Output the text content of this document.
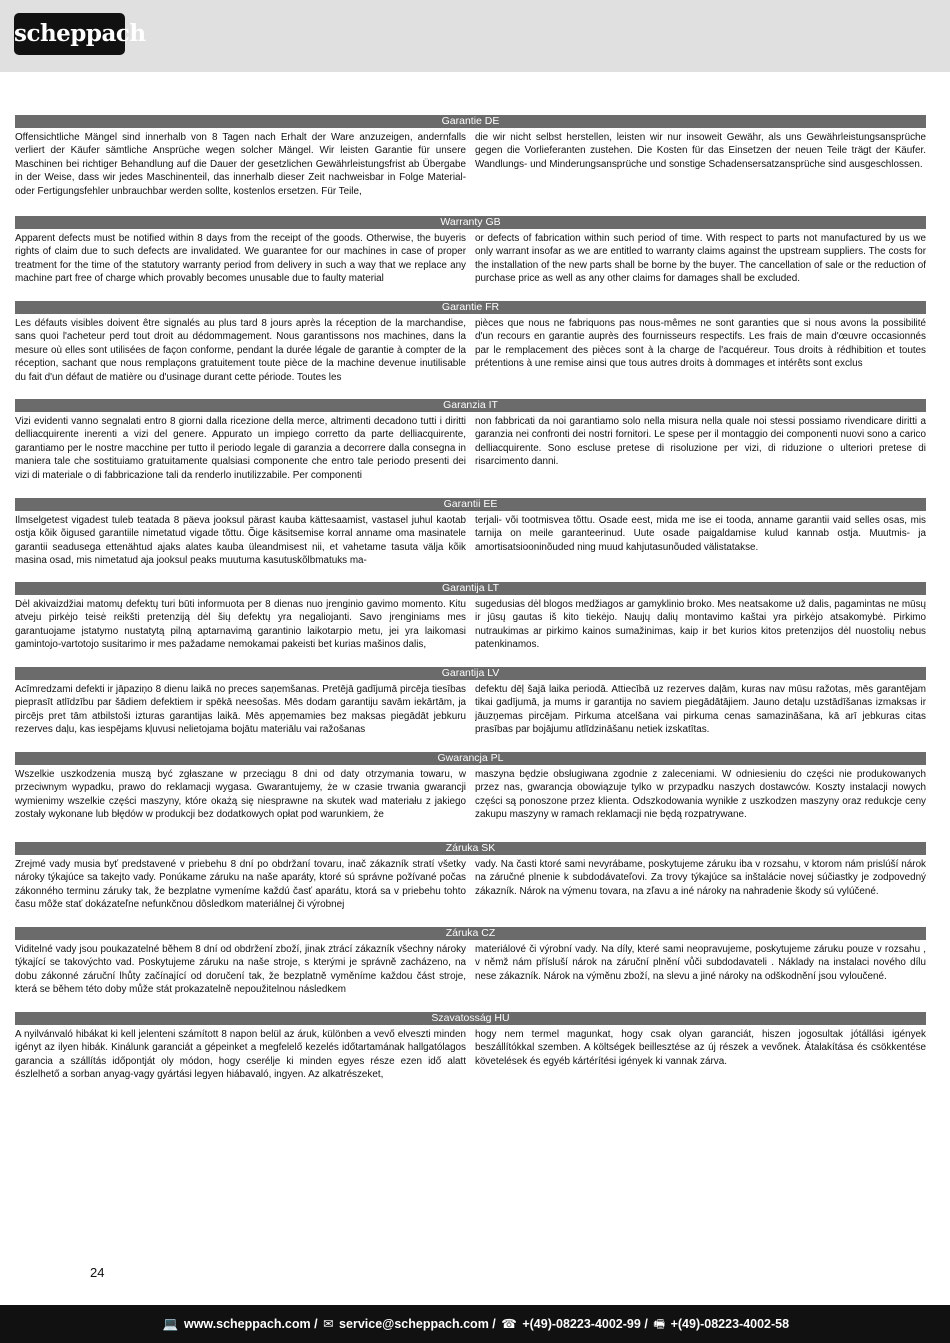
scheppach
Garantie DE
Offensichtliche Mängel sind innerhalb von 8 Tagen nach Erhalt der Ware anzuzeigen, andernfalls verliert der Käufer sämtliche Ansprüche wegen solcher Mängel. Wir leisten Garantie für unsere Maschinen bei richtiger Behandlung auf die Dauer der gesetzlichen Gewährleistungsfrist ab Übergabe in der Weise, dass wir jedes Maschinenteil, das innerhalb dieser Zeit nachweisbar in Folge Material- oder Fertigungsfehler unbrauchbar werden sollte, kostenlos ersetzen. Für Teile,
die wir nicht selbst herstellen, leisten wir nur insoweit Gewähr, als uns Gewährleistungsansprüche gegen die Vorlieferanten zustehen. Die Kosten für das Einsetzen der neuen Teile trägt der Käufer. Wandlungs- und Minderungsansprüche und sonstige Schadensersatzansprüche sind ausgeschlossen.
Warranty GB
Apparent defects must be notified within 8 days from the receipt of the goods. Otherwise, the buyeris rights of claim due to such defects are invalidated. We guarantee for our machines in case of proper treatment for the time of the statutory warranty period from delivery in such a way that we replace any machine part free of charge which provably becomes unusable due to faulty material
or defects of fabrication within such period of time. With respect to parts not manufactured by us we only warrant insofar as we are entitled to warranty claims against the upstream suppliers. The costs for the installation of the new parts shall be borne by the buyer. The cancellation of sale or the reduction of purchase price as well as any other claims for damages shall be excluded.
Garantie FR
Les défauts visibles doivent être signalés au plus tard 8 jours après la réception de la marchandise, sans quoi l'acheteur perd tout droit au dédommagement. Nous garantissons nos machines, dans la mesure où elles sont utilisées de façon conforme, pendant la durée légale de garantie à compter de la réception, sachant que nous remplaçons gratuitement toute pièce de la machine devenue inutilisable du fait d'un défaut de matière ou d'usinage durant cette période. Toutes les
pièces que nous ne fabriquons pas nous-mêmes ne sont garanties que si nous avons la possibilité d'un recours en garantie auprès des fournisseurs respectifs. Les frais de main d'œuvre occasionnés par le remplacement des pièces sont à la charge de l'acquéreur. Tous droits à rédhibition et toutes prétentions à une remise ainsi que tous autres droits à dommages et intérêts sont exclus
Garanzia IT
Vizi evidenti vanno segnalati entro 8 giorni dalla ricezione della merce, altrimenti decadono tutti i diritti delliacquirente inerenti a vizi del genere. Appurato un impiego corretto da parte delliacquirente, garantiamo per le nostre macchine per tutto il periodo legale di garanzia a decorrere dalla consegna in maniera tale che sostituiamo gratuitamente qualsiasi componente che entro tale periodo presenti dei vizi di materiale o di fabbricazione tali da renderlo inutilizzabile. Per componenti
non fabbricati da noi garantiamo solo nella misura nella quale noi stessi possiamo rivendicare diritti a garanzia nei confronti dei nostri fornitori. Le spese per il montaggio dei componenti nuovi sono a carico delliacquirente. Sono escluse pretese di risoluzione per vizi, di riduzione o ulteriori pretese di risarcimento danni.
Garantii EE
Ilmselgetest vigadest tuleb teatada 8 päeva jooksul pärast kauba kättesaamist, vastasel juhul kaotab ostja kõik õigused garantiile nimetatud vigade tõttu. Õige käsitsemise korral anname oma masinatele garantii seadusega ettenähtud ajaks alates kauba üleandmisest nii, et vahetame tasuta välja kõik masina osad, mis nimetatud aja jooksul peaks muutuma kasutuskõlbmatuks ma-
terjali- või tootmisvea tõttu. Osade eest, mida me ise ei tooda, anname garantii vaid selles osas, mis tarnija on meile garanteerinud. Uute osade paigaldamise kulud kannab ostja. Muutmis- ja amortisatsiooninõuded ning muud kahjutasunõuded välistatakse.
Garantija LT
Dėl akivaizdžiai matomų defektų turi būti informuota per 8 dienas nuo įrenginio gavimo momento. Kitu atveju pirkėjo teisė reikšti pretenziją dėl šių defektų yra negaliojanti. Savo įrenginiams mes garantuojame įstatymo nustatytą pilną aptarnavimą garantinio laikotarpio metu, jei yra laikomasi gamintojo-vartotojo susitarimo ir mes pažadame nemokamai pakeisti bet kurias mašinos dalis,
sugedusias dėl blogos medžiagos ar gamyklinio broko. Mes neatsakome už dalis, pagamintas ne mūsų ir jūsų gautas iš kito tiekėjo. Naujų dalių montavimo kaštai yra pirkėjo atsakomybė. Pirkimo nutraukimas ar pirkimo kainos sumažinimas, kaip ir bet kurios kitos pretenzijos dėl nuostolių nebus patenkinamos.
Garantija LV
Acīmredzami defekti ir jāpaziņo 8 dienu laikā no preces saņemšanas. Pretējā gadījumā pircēja tiesības pieprasīt atlīdzību par šādiem defektiem ir spēkā neesošas. Mēs dodam garantiju savām iekārtām, ja pircējs pret tām atbilstoši izturas garantijas laikā. Mēs apņemamies bez maksas piegādāt jebkuru rezerves daļu, kas iespējams kļuvusi nelietojama bojātu materiālu vai ražošanas
defektu dēļ šajā laika periodā. Attiecībā uz rezerves daļām, kuras nav mūsu ražotas, mēs garantējam tikai gadījumā, ja mums ir garantija no saviem piegādātājiem. Jauno detaļu uzstādīšanas izmaksas ir jāuzņemas pircējam. Pirkuma atcelšana vai pirkuma cenas samazināšana, kā arī jebkuras citas prasības par bojājumu atlīdzināšanu netiek izskatītas.
Gwarancja PL
Wszelkie uszkodzenia muszą być zgłaszane w przeciągu 8 dni od daty otrzymania towaru, w przeciwnym wypadku, prawo do reklamacji wygasa. Gwarantujemy, że w czasie trwania gwarancji wymienimy wszelkie części maszyny, które okażą się niesprawne na skutek wad materiału z jakiego zostały wykonane lub błędów w produkcji bez dodatkowych opłat pod warunkiem, że
maszyna będzie obsługiwana zgodnie z zaleceniami. W odniesieniu do części nie produkowanych przez nas, gwarancja obowiązuje tylko w przypadku naszych dostawców. Koszty instalacji nowych części są ponoszone przez klienta. Odszkodowania wynikłe z uszkodzen maszyny oraz redukcje ceny zakupu maszyny w ramach reklamacji nie będą rozpatrywane.
Záruka SK
Zrejmé vady musia byť predstavené v priebehu 8 dní po obdržaní tovaru, inač zákazník stratí všetky nároky týkajúce sa takejto vady. Ponúkame záruku na naše aparáty, ktoré sú správne požívané počas zákonného terminu záruky tak, že bezplatne vymeníme každú časť aparátu, ktorá sa v priebehu tohto času môže stať dokázateľne nefunkčnou dôsledkom materiálnej či výrobnej
vady. Na časti ktoré sami nevyrábame, poskytujeme záruku iba v rozsahu, v ktorom nám prislúší nárok na záručné plnenie k subdodávateľovi. Za trovy týkajúce sa inštalácie novej súčiastky je zodpovedný zákazník. Nárok na výmenu tovara, na zľavu a iné nároky na nahradenie škody sú vylúčené.
Záruka CZ
Viditelné vady jsou poukazatelné během 8 dní od obdržení zboží, jinak ztrácí zákazník všechny nároky týkající se takovýchto vad. Poskytujeme záruku na naše stroje, s kterými je správně zacházeno, na dobu zákonné záruční lhůty začínající od doručení tak, že bezplatně vyměníme každou část stroje, která se během této doby může stát prokazatelně nepoužitelnou následkem
materiálové či výrobní vady. Na díly, které sami neopravujeme, poskytujeme záruku pouze v rozsahu , v němž nám přísluší nárok na záruční plnění vůči subdodavateli . Náklady na instalaci nového dílu nese zákazník. Nárok na výměnu zboží, na slevu a jiné nároky na odškodnění jsou vyloučené.
Szavatosság HU
A nyilvánvaló hibákat ki kell jelenteni számított 8 napon belül az áruk, különben a vevő elveszti minden igényt az ilyen hibák. Kinálunk garanciát a gépeinket a megfelelő kezelés időtartamának hallgatólagos garancia a szállítás időpontját oly módon, hogy cserélje ki minden egyes része ezen idő alatt észlelhető a sorban anyag-vagy gyártási legyen hiábavaló, ingyen. Az alkatrészeket,
hogy nem termel magunkat, hogy csak olyan garanciát, hiszen jogosultak jótállási igények beszállítókkal szemben. A költségek beillesztése az új részek a vevőnek. Átalakítása és csökkentése követelések és egyéb kártérítési igények ki vannak zárva.
24
💻 www.scheppach.com / ✉ service@scheppach.com / ☎ +(49)-08223-4002-99 / 🖷 +(49)-08223-4002-58
